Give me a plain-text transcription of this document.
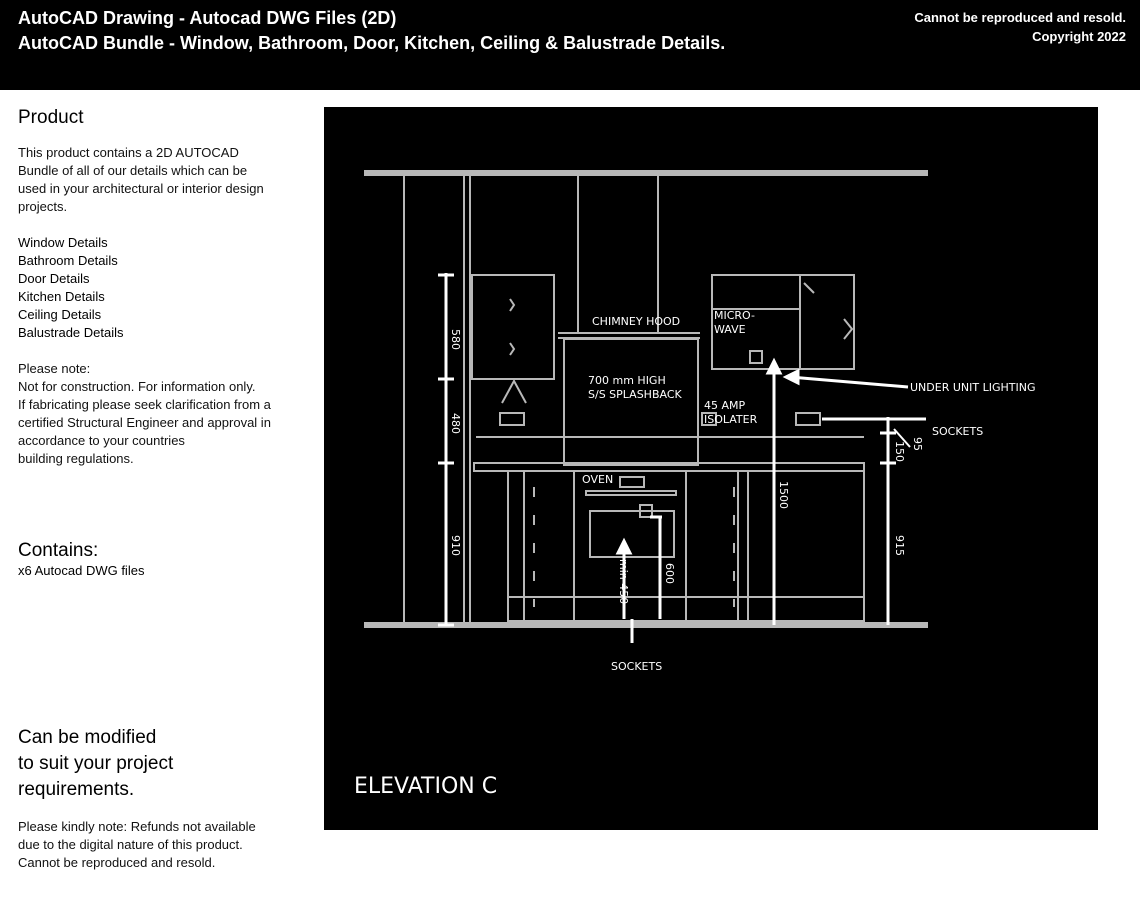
AutoCAD Drawing - Autocad DWG Files (2D)
AutoCAD Bundle - Window, Bathroom, Door, Kitchen, Ceiling & Balustrade Details.
Cannot be reproduced and resold.
Copyright 2022
Product
This product contains a 2D AUTOCAD
Bundle of all of our details which can be
used in your architectural or interior design
projects.
Window Details
Bathroom Details
Door Details
Kitchen Details
Ceiling Details
Balustrade Details
Please note:
Not for construction. For information only.
If fabricating please seek clarification from a
certified Structural Engineer and approval in
accordance to your countries
building regulations.
Contains:
x6 Autocad DWG files
Can be modified
to suit your project
requirements.
Please kindly note: Refunds not available
due to the digital nature of this product.
Cannot be reproduced and resold.
CHIMNEY HOOD
700 mm HIGH
S/S SPLASHBACK
MICRO-
WAVE
UNDER UNIT LIGHTING
45 AMP
ISOLATER
SOCKETS
OVEN
SOCKETS
580
480
910
1500
150 95
915
600
min 450
ELEVATION C
